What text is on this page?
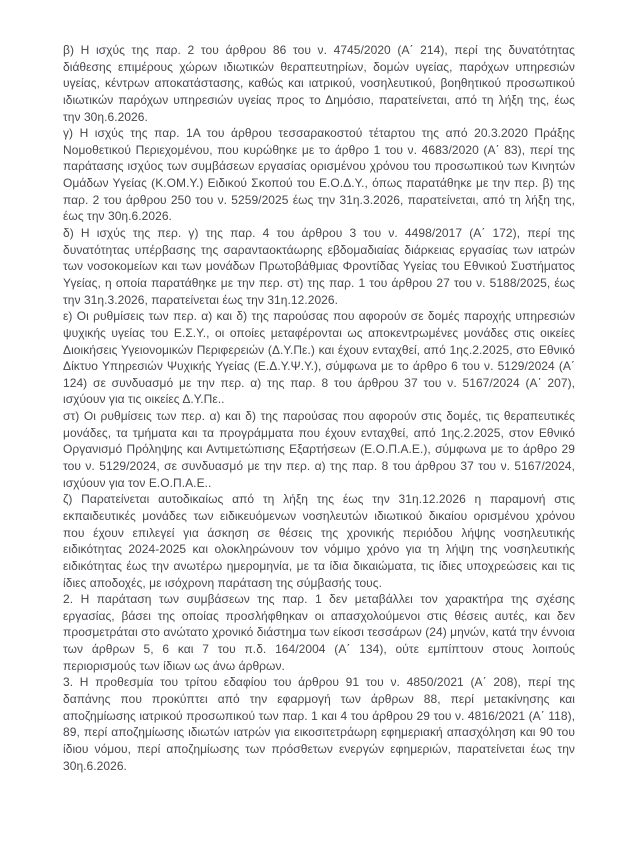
β) Η ισχύς της παρ. 2 του άρθρου 86 του ν. 4745/2020 (Α΄ 214), περί της δυνατότητας διάθεσης επιμέρους χώρων ιδιωτικών θεραπευτηρίων, δομών υγείας, παρόχων υπηρεσιών υγείας, κέντρων αποκατάστασης, καθώς και ιατρικού, νοσηλευτικού, βοηθητικού προσωπικού ιδιωτικών παρόχων υπηρεσιών υγείας προς το Δημόσιο, παρατείνεται, από τη λήξη της, έως την 30η.6.2026.

γ) Η ισχύς της παρ. 1Α του άρθρου τεσσαρακοστού τέταρτου της από 20.3.2020 Πράξης Νομοθετικού Περιεχομένου, που κυρώθηκε με το άρθρο 1 του ν. 4683/2020 (Α΄ 83), περί της παράτασης ισχύος των συμβάσεων εργασίας ορισμένου χρόνου του προσωπικού των Κινητών Ομάδων Υγείας (Κ.ΟΜ.Υ.) Ειδικού Σκοπού του Ε.Ο.Δ.Υ., όπως παρατάθηκε με την περ. β) της παρ. 2 του άρθρου 250 του ν. 5259/2025 έως την 31η.3.2026, παρατείνεται, από τη λήξη της, έως την 30η.6.2026.

δ) Η ισχύς της περ. γ) της παρ. 4 του άρθρου 3 του ν. 4498/2017 (Α΄ 172), περί της δυνατότητας υπέρβασης της σαρανταοκτάωρης εβδομαδιαίας διάρκειας εργασίας των ιατρών των νοσοκομείων και των μονάδων Πρωτοβάθμιας Φροντίδας Υγείας του Εθνικού Συστήματος Υγείας, η οποία παρατάθηκε με την περ. στ) της παρ. 1 του άρθρου 27 του ν. 5188/2025, έως την 31η.3.2026, παρατείνεται έως την 31η.12.2026.

ε) Οι ρυθμίσεις των περ. α) και δ) της παρούσας που αφορούν σε δομές παροχής υπηρεσιών ψυχικής υγείας του Ε.Σ.Υ., οι οποίες μεταφέρονται ως αποκεντρωμένες μονάδες στις οικείες Διοικήσεις Υγειονομικών Περιφερειών (Δ.Υ.Πε.) και έχουν ενταχθεί, από 1ης.2.2025, στο Εθνικό Δίκτυο Υπηρεσιών Ψυχικής Υγείας (Ε.Δ.Υ.Ψ.Υ.), σύμφωνα με το άρθρο 6 του ν. 5129/2024 (Α΄ 124) σε συνδυασμό με την περ. α) της παρ. 8 του άρθρου 37 του ν. 5167/2024 (Α΄ 207), ισχύουν για τις οικείες Δ.Υ.Πε..

στ) Οι ρυθμίσεις των περ. α) και δ) της παρούσας που αφορούν στις δομές, τις θεραπευτικές μονάδες, τα τμήματα και τα προγράμματα που έχουν ενταχθεί, από 1ης.2.2025, στον Εθνικό Οργανισμό Πρόληψης και Αντιμετώπισης Εξαρτήσεων (Ε.Ο.Π.Α.Ε.), σύμφωνα με το άρθρο 29 του ν. 5129/2024, σε συνδυασμό με την περ. α) της παρ. 8 του άρθρου 37 του ν. 5167/2024, ισχύουν για τον Ε.Ο.Π.Α.Ε..

ζ) Παρατείνεται αυτοδικαίως από τη λήξη της έως την 31η.12.2026 η παραμονή στις εκπαιδευτικές μονάδες των ειδικευόμενων νοσηλευτών ιδιωτικού δικαίου ορισμένου χρόνου που έχουν επιλεγεί για άσκηση σε θέσεις της χρονικής περιόδου λήψης νοσηλευτικής ειδικότητας 2024-2025 και ολοκληρώνουν τον νόμιμο χρόνο για τη λήψη της νοσηλευτικής ειδικότητας έως την ανωτέρω ημερομηνία, με τα ίδια δικαιώματα, τις ίδιες υποχρεώσεις και τις ίδιες αποδοχές, με ισόχρονη παράταση της σύμβασής τους.

2. Η παράταση των συμβάσεων της παρ. 1 δεν μεταβάλλει τον χαρακτήρα της σχέσης εργασίας, βάσει της οποίας προσλήφθηκαν οι απασχολούμενοι στις θέσεις αυτές, και δεν προσμετράται στο ανώτατο χρονικό διάστημα των είκοσι τεσσάρων (24) μηνών, κατά την έννοια των άρθρων 5, 6 και 7 του π.δ. 164/2004 (Α΄ 134), ούτε εμπίπτουν στους λοιπούς περιορισμούς των ίδιων ως άνω άρθρων.

3. Η προθεσμία του τρίτου εδαφίου του άρθρου 91 του ν. 4850/2021 (Α΄ 208), περί της δαπάνης που προκύπτει από την εφαρμογή των άρθρων 88, περί μετακίνησης και αποζημίωσης ιατρικού προσωπικού των παρ. 1 και 4 του άρθρου 29 του ν. 4816/2021 (Α΄ 118), 89, περί αποζημίωσης ιδιωτών ιατρών για εικοσιτετράωρη εφημεριακή απασχόληση και 90 του ίδιου νόμου, περί αποζημίωσης των πρόσθετων ενεργών εφημεριών, παρατείνεται έως την 30η.6.2026.
